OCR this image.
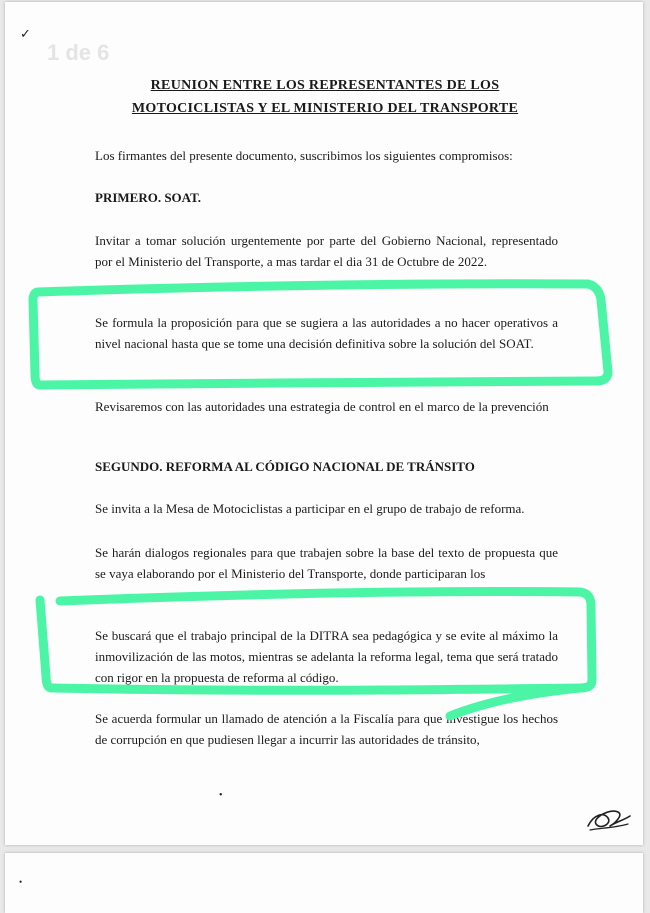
1 de 6
✓
REUNION ENTRE LOS REPRESENTANTES DE LOS
MOTOCICLISTAS Y EL MINISTERIO DEL TRANSPORTE
Los firmantes del presente documento, suscribimos los siguientes compromisos:
PRIMERO. SOAT.
Invitar a tomar solución urgentemente por parte del Gobierno Nacional, representado por el Ministerio del Transporte, a mas tardar el dia 31 de Octubre de 2022.
Se formula la proposición para que se sugiera a las autoridades a no hacer operativos a nivel nacional hasta que se tome una decisión definitiva sobre la solución del SOAT.
Revisaremos con las autoridades una estrategia de control en el marco de la prevención
SEGUNDO. REFORMA AL CÓDIGO NACIONAL DE TRÁNSITO
Se invita a la Mesa de Motociclistas a participar en el grupo de trabajo de reforma.
Se harán dialogos regionales para que trabajen sobre la base del texto de propuesta que se vaya elaborando por el Ministerio del Transporte, donde participaran los
Se buscará que el trabajo principal de la DITRA sea pedagógica y se evite al máximo la inmovilización de las motos, mientras se adelanta la reforma legal, tema que será tratado con rigor en la propuesta de reforma al código.
Se acuerda formular un llamado de atención a la Fiscalía para que investigue los hechos de corrupción en que pudiesen llegar a incurrir las autoridades de tránsito,
•
•
